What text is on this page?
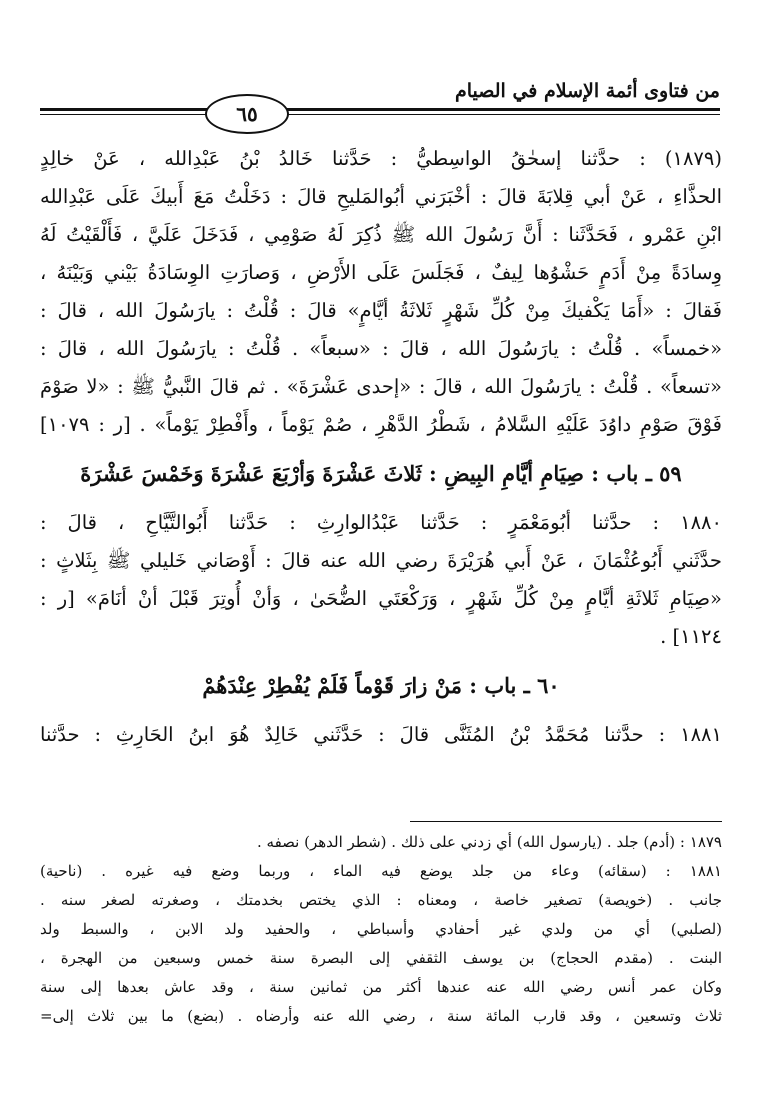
من فتاوى أئمة الإسلام في الصيام
٦٥
(١٨٧٩) : حدَّثنا إسحٰقُ الواسِطيُّ : حَدَّثنا خَالدُ بْنُ عَبْدِالله ، عَنْ خالِدٍ
الحذَّاءِ ، عَنْ أبي قِلابَةَ قالَ : أخْبَرَني أبُوالمَليحِ قالَ : دَخَلْتُ مَعَ أَبيكَ عَلَى عَبْدِالله
ابْنِ عَمْرو ، فَحَدَّثَنا : أَنَّ رَسُولَ الله ﷺ ذُكِرَ لَهُ صَوْمِي ، فَدَخَلَ عَلَيَّ ، فَأَلْقَيْتُ لَهُ
وِسادَةً مِنْ أَدَمٍ حَشْوُها لِيفٌ ، فَجَلَسَ عَلَى الأَرْضِ ، وَصارَتِ الوِسَادَةُ بَيْني وَبَيْنَهُ ،
فَقالَ : «أَمَا يَكْفيكَ مِنْ كُلِّ شَهْرٍ ثَلاثَةُ أيَّامٍ» قالَ : قُلْتُ : يارَسُولَ الله ، قالَ :
«خمساً» . قُلْتُ : يارَسُولَ الله ، قالَ : «سبعاً» . قُلْتُ : يارَسُولَ الله ، قالَ :
«تسعاً» . قُلْتُ : يارَسُولَ الله ، قالَ : «إحدى عَشْرَةَ» . ثم قالَ النَّبيُّ ﷺ : «لا صَوْمَ
فَوْقَ صَوْمِ داوُدَ عَلَيْهِ السَّلامُ ، شَطْرُ الدَّهْرِ ، صُمْ يَوْماً ، وأَفْطِرْ يَوْماً» . [ر : ١٠٧٩]
٥٩ ـ باب : صِيَامِ أيَّامِ البِيضِ : ثَلاثَ عَشْرَةَ وَأرْبَعَ عَشْرَةَ وَخَمْسَ عَشْرَةَ
١٨٨٠ : حدَّثنا أبُومَعْمَرٍ : حَدَّثنا عَبْدُالوارِثِ : حَدَّثنا أَبُوالتَّيَّاحِ ، قالَ :
حدَّثَني أَبُوعُثْمَانَ ، عَنْ أَبي هُرَيْرَةَ رضي الله عنه قالَ : أَوْصَاني خَليلي ﷺ بِثَلاثٍ :
«صِيَامِ ثَلاثَةِ أيَّامٍ مِنْ كُلِّ شَهْرٍ ، وَرَكْعَتَي الضُّحَىٰ ، وَأنْ أُوتِرَ قَبْلَ أنْ أنَامَ» [ر :
١١٢٤] .
٦٠ ـ باب : مَنْ زارَ قَوْماً فَلَمْ يُفْطِرْ عِنْدَهُمْ
١٨٨١ : حدَّثنا مُحَمَّدُ بْنُ المُثَنَّى قالَ : حَدَّثَني خَالِدٌ هُوَ ابنُ الحَارِثِ : حدَّثنا
١٨٧٩ : (أدم) جلد . (يارسول الله) أي زدني على ذلك . (شطر الدهر) نصفه .
١٨٨١ : (سقائه) وعاء من جلد يوضع فيه الماء ، وربما وضع فيه غيره . (ناحية)
جانب . (خويصة) تصغير خاصة ، ومعناه : الذي يختص بخدمتك ، وصغرته لصغر سنه .
(لصلبي) أي من ولدي غير أحفادي وأسباطي ، والحفيد ولد الابن ، والسبط ولد
البنت . (مقدم الحجاج) بن يوسف الثقفي إلى البصرة سنة خمس وسبعين من الهجرة ،
وكان عمر أنس رضي الله عنه عندها أكثر من ثمانين سنة ، وقد عاش بعدها إلى سنة
ثلاث وتسعين ، وقد قارب المائة سنة ، رضي الله عنه وأرضاه . (بضع) ما بين ثلاث إلى=
